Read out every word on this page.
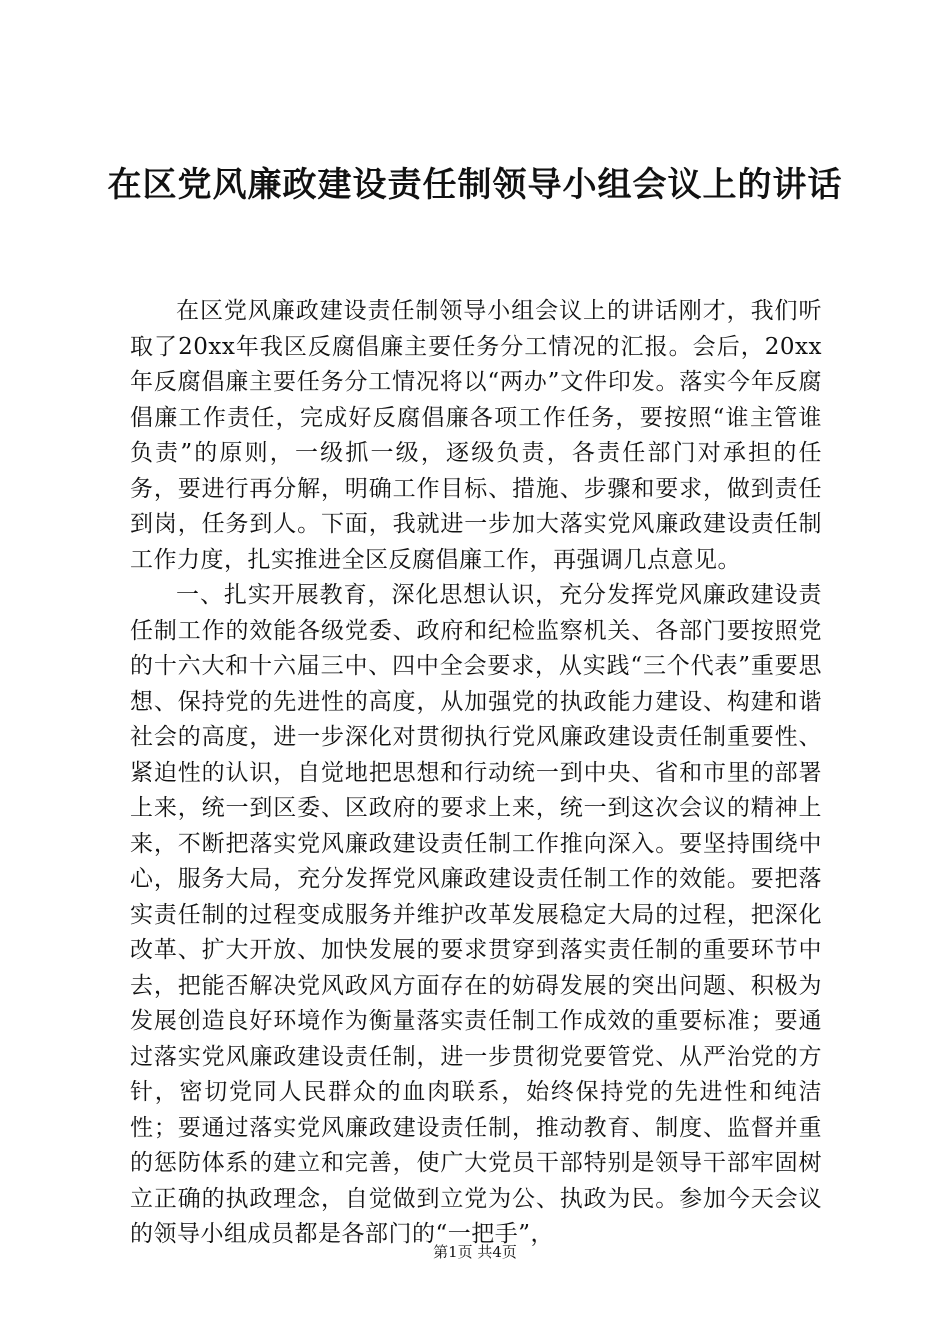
在区党风廉政建设责任制领导小组会议上的讲话

在区党风廉政建设责任制领导小组会议上的讲话刚才，我们听取了20xx年我区反腐倡廉主要任务分工情况的汇报。会后，20xx年反腐倡廉主要任务分工情况将以“两办”文件印发。落实今年反腐倡廉工作责任，完成好反腐倡廉各项工作任务，要按照“谁主管谁负责”的原则，一级抓一级，逐级负责，各责任部门对承担的任务，要进行再分解，明确工作目标、措施、步骤和要求，做到责任到岗，任务到人。下面，我就进一步加大落实党风廉政建设责任制工作力度，扎实推进全区反腐倡廉工作，再强调几点意见。

一、扎实开展教育，深化思想认识，充分发挥党风廉政建设责任制工作的效能各级党委、政府和纪检监察机关、各部门要按照党的十六大和十六届三中、四中全会要求，从实践“三个代表”重要思想、保持党的先进性的高度，从加强党的执政能力建设、构建和谐社会的高度，进一步深化对贯彻执行党风廉政建设责任制重要性、紧迫性的认识，自觉地把思想和行动统一到中央、省和市里的部署上来，统一到区委、区政府的要求上来，统一到这次会议的精神上来，不断把落实党风廉政建设责任制工作推向深入。要坚持围绕中心，服务大局，充分发挥党风廉政建设责任制工作的效能。要把落实责任制的过程变成服务并维护改革发展稳定大局的过程，把深化改革、扩大开放、加快发展的要求贯穿到落实责任制的重要环节中去，把能否解决党风政风方面存在的妨碍发展的突出问题、积极为发展创造良好环境作为衡量落实责任制工作成效的重要标准；要通过落实党风廉政建设责任制，进一步贯彻党要管党、从严治党的方针，密切党同人民群众的血肉联系，始终保持党的先进性和纯洁性；要通过落实党风廉政建设责任制，推动教育、制度、监督并重的惩防体系的建立和完善，使广大党员干部特别是领导干部牢固树立正确的执政理念，自觉做到立党为公、执政为民。参加今天会议的领导小组成员都是各部门的“一把手”，

第1页 共4页
